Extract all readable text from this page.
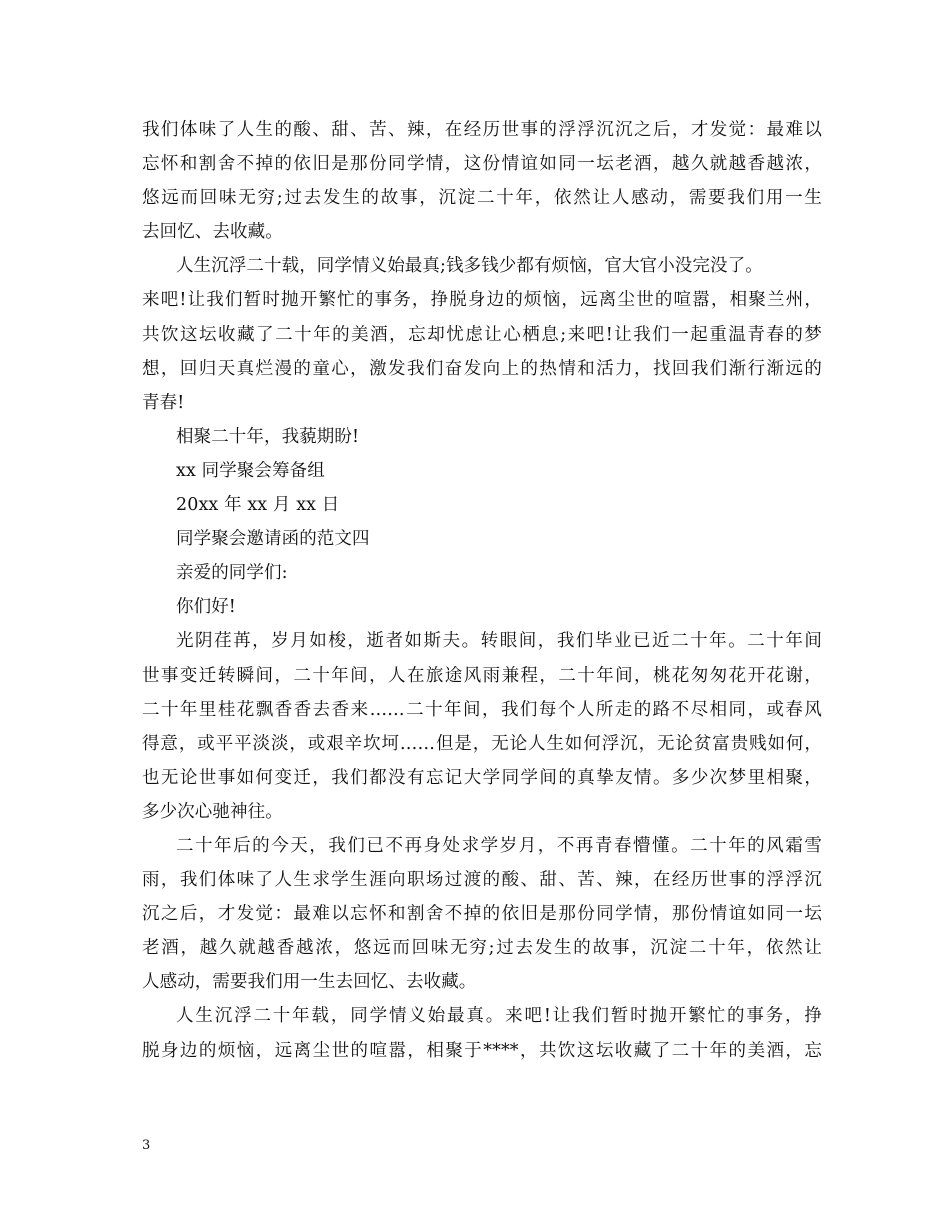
我们体味了人生的酸、甜、苦、辣，在经历世事的浮浮沉沉之后，才发觉：最难以
忘怀和割舍不掉的依旧是那份同学情，这份情谊如同一坛老酒，越久就越香越浓，
悠远而回味无穷;过去发生的故事，沉淀二十年，依然让人感动，需要我们用一生
去回忆、去收藏。
人生沉浮二十载，同学情义始最真;钱多钱少都有烦恼，官大官小没完没了。
来吧!让我们暂时抛开繁忙的事务，挣脱身边的烦恼，远离尘世的喧嚣，相聚兰州，
共饮这坛收藏了二十年的美酒，忘却忧虑让心栖息;来吧!让我们一起重温青春的梦
想，回归天真烂漫的童心，激发我们奋发向上的热情和活力，找回我们渐行渐远的
青春!
相聚二十年，我藐期盼!
xx 同学聚会筹备组
20xx 年 xx 月 xx 日
同学聚会邀请函的范文四
亲爱的同学们:
你们好!
光阴荏苒，岁月如梭，逝者如斯夫。转眼间，我们毕业已近二十年。二十年间
世事变迁转瞬间，二十年间，人在旅途风雨兼程，二十年间，桃花匆匆花开花谢，
二十年里桂花飘香香去香来……二十年间，我们每个人所走的路不尽相同，或春风
得意，或平平淡淡，或艰辛坎坷……但是，无论人生如何浮沉，无论贫富贵贱如何，
也无论世事如何变迁，我们都没有忘记大学同学间的真挚友情。多少次梦里相聚，
多少次心驰神往。
二十年后的今天，我们已不再身处求学岁月，不再青春懵懂。二十年的风霜雪
雨，我们体味了人生求学生涯向职场过渡的酸、甜、苦、辣，在经历世事的浮浮沉
沉之后，才发觉：最难以忘怀和割舍不掉的依旧是那份同学情，那份情谊如同一坛
老酒，越久就越香越浓，悠远而回味无穷;过去发生的故事，沉淀二十年，依然让
人感动，需要我们用一生去回忆、去收藏。
人生沉浮二十年载，同学情义始最真。来吧!让我们暂时抛开繁忙的事务，挣
脱身边的烦恼，远离尘世的喧嚣，相聚于****，共饮这坛收藏了二十年的美酒，忘
3
